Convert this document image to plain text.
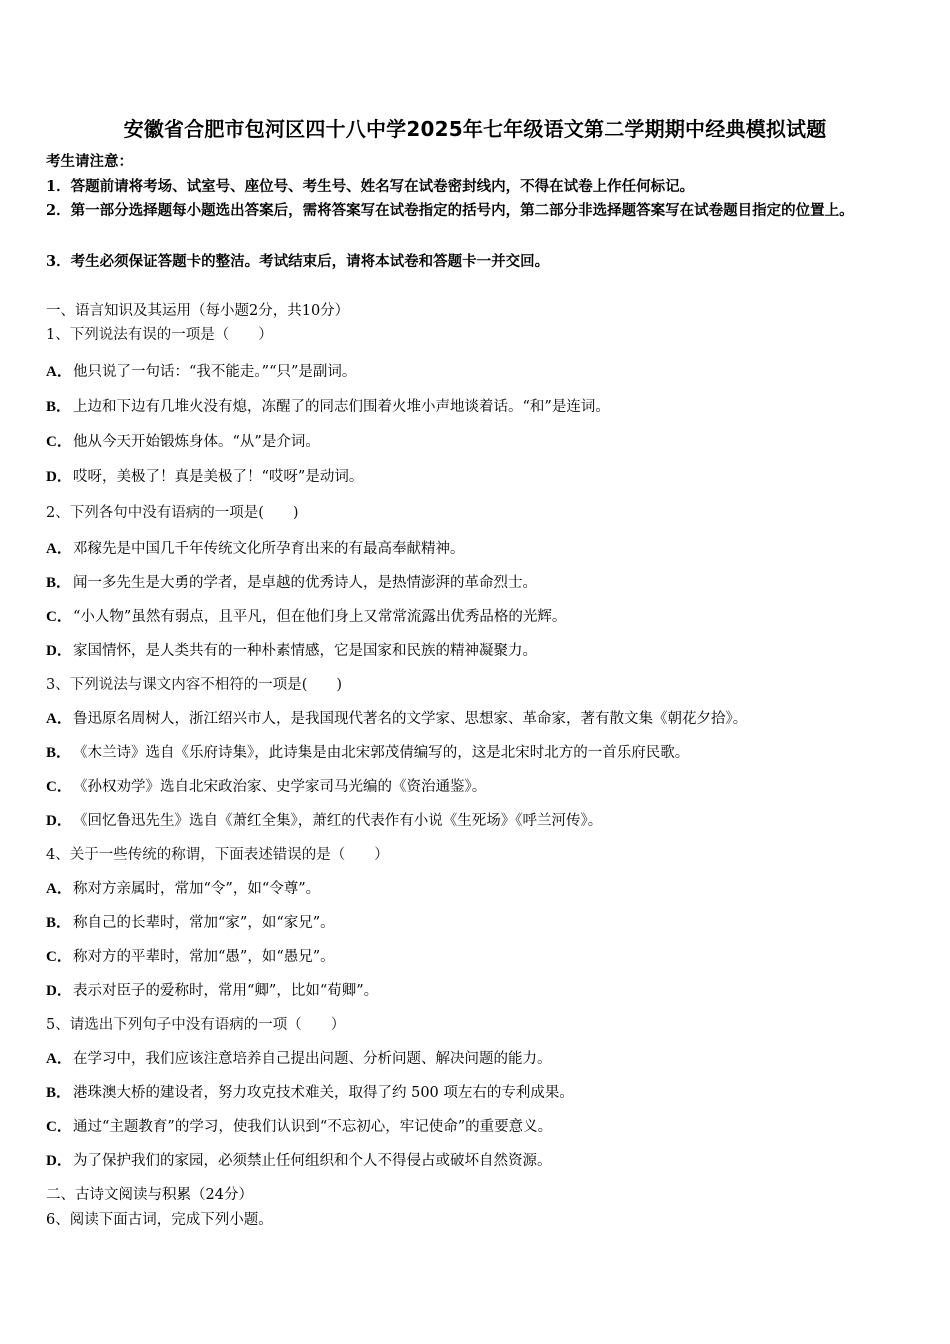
安徽省合肥市包河区四十八中学2025年七年级语文第二学期期中经典模拟试题
考生请注意：
1．答题前请将考场、试室号、座位号、考生号、姓名写在试卷密封线内，不得在试卷上作任何标记。
2．第一部分选择题每小题选出答案后，需将答案写在试卷指定的括号内，第二部分非选择题答案写在试卷题目指定的位置上。
3．考生必须保证答题卡的整洁。考试结束后，请将本试卷和答题卡一并交回。
一、语言知识及其运用（每小题2分，共10分）
1、下列说法有误的一项是（　　）
A．他只说了一句话：“我不能走。”“只”是副词。
B． 上边和下边有几堆火没有熄，冻醒了的同志们围着火堆小声地谈着话。“和”是连词。
C．他从今天开始锻炼身体。“从”是介词。
D．哎呀，美极了！真是美极了！“哎呀”是动词。
2、下列各句中没有语病的一项是(　　)
A．邓稼先是中国几千年传统文化所孕育出来的有最高奉献精神。
B． 闻一多先生是大勇的学者，是卓越的优秀诗人，是热情澎湃的革命烈士。
C．“小人物”虽然有弱点，且平凡，但在他们身上又常常流露出优秀品格的光辉。
D．家国情怀，是人类共有的一种朴素情感，它是国家和民族的精神凝聚力。
3、下列说法与课文内容不相符的一项是(　　)
A．鲁迅原名周树人，浙江绍兴市人，是我国现代著名的文学家、思想家、革命家，著有散文集《朝花夕拾》。
B． 《木兰诗》选自《乐府诗集》，此诗集是由北宋郭茂倩编写的，这是北宋时北方的一首乐府民歌。
C．《孙权劝学》选自北宋政治家、史学家司马光编的《资治通鉴》。
D．《回忆鲁迅先生》选自《萧红全集》，萧红的代表作有小说《生死场》《呼兰河传》。
4、关于一些传统的称谓，下面表述错误的是（　　）
A．称对方亲属时，常加“令”，如“令尊”。
B． 称自己的长辈时，常加“家”，如“家兄”。
C．称对方的平辈时，常加“愚”，如“愚兄”。
D．表示对臣子的爱称时，常用“卿”，比如“荀卿”。
5、请选出下列句子中没有语病的一项（　　）
A．在学习中，我们应该注意培养自己提出问题、分析问题、解决问题的能力。
B． 港珠澳大桥的建设者，努力攻克技术难关，取得了约 500 项左右的专利成果。
C．通过“主题教育”的学习，使我们认识到“不忘初心，牢记使命”的重要意义。
D．为了保护我们的家园，必须禁止任何组织和个人不得侵占或破坏自然资源。
二、古诗文阅读与积累（24分）
6、阅读下面古词，完成下列小题。
